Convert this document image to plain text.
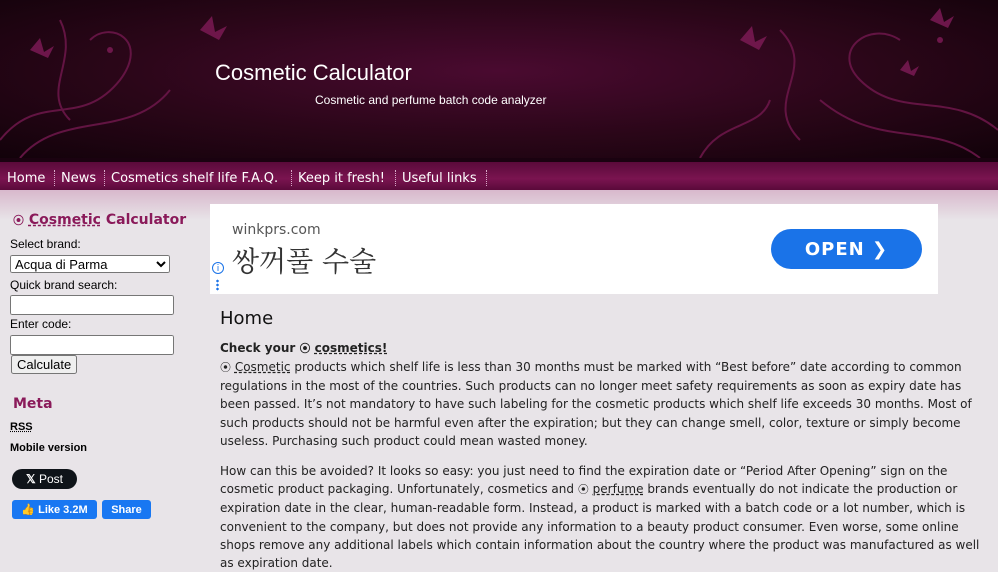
Cosmetic Calculator
Cosmetic and perfume batch code analyzer
Home News Cosmetics shelf life F.A.Q. Keep it fresh! Useful links
⦿ Cosmetic Calculator
Select brand:
Acqua di Parma
Quick brand search:
Enter code:
Calculate
Meta
RSS
Mobile version
𝕏 Post
👍 Like 3.2M	Share
winkprs.com
쌍꺼풀 수술	OPEN ❯
i
Home
Check your ⦿ cosmetics!

⦿ Cosmetic products which shelf life is less than 30 months must be marked with “Best before” date according to common regulations in the most of the countries. Such products can no longer meet safety requirements as soon as expiry date has been passed. It’s not mandatory to have such labeling for the cosmetic products which shelf life exceeds 30 months. Most of such products should not be harmful even after the expiration; but they can change smell, color, texture or simply become useless. Purchasing such product could mean wasted money.

How can this be avoided? It looks so easy: you just need to find the expiration date or “Period After Opening” sign on the cosmetic product packaging. Unfortunately, cosmetics and ⦿ perfume brands eventually do not indicate the production or expiration date in the clear, human-readable form. Instead, a product is marked with a batch code or a lot number, which is convenient to the company, but does not provide any information to a beauty product consumer. Even worse, some online shops remove any additional labels which contain information about the country where the product was manufactured as well as expiration date.
